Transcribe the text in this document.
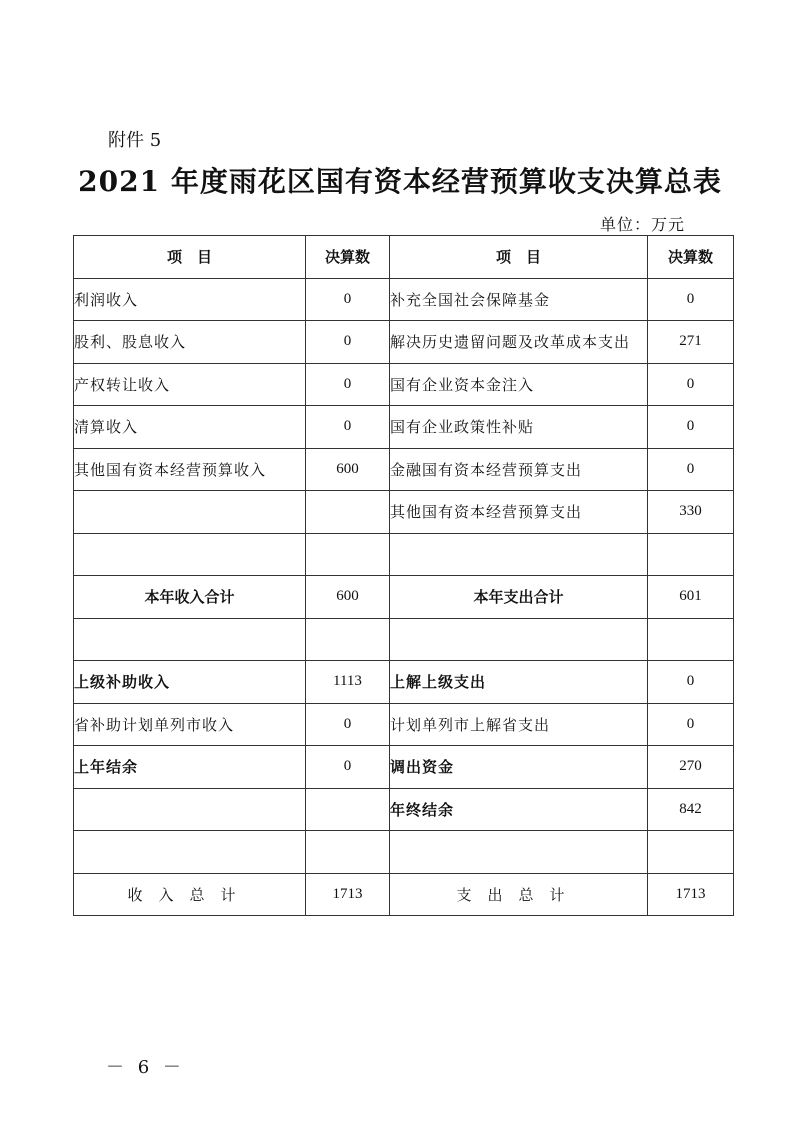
附件 5
2021 年度雨花区国有资本经营预算收支决算总表
单位：万元
项　目	决算数	项　目	决算数
利润收入	0	补充全国社会保障基金	0
股利、股息收入	0	解决历史遗留问题及改革成本支出	271
产权转让收入	0	国有企业资本金注入	0
清算收入	0	国有企业政策性补贴	0
其他国有资本经营预算收入	600	金融国有资本经营预算支出	0
		其他国有资本经营预算支出	330

本年收入合计	600	本年支出合计	601

上级补助收入	1113	上解上级支出	0
省补助计划单列市收入	0	计划单列市上解省支出	0
上年结余	0	调出资金	270
		年终结余	842

收入总计	1713	支出总计	1713
－ 6 －
